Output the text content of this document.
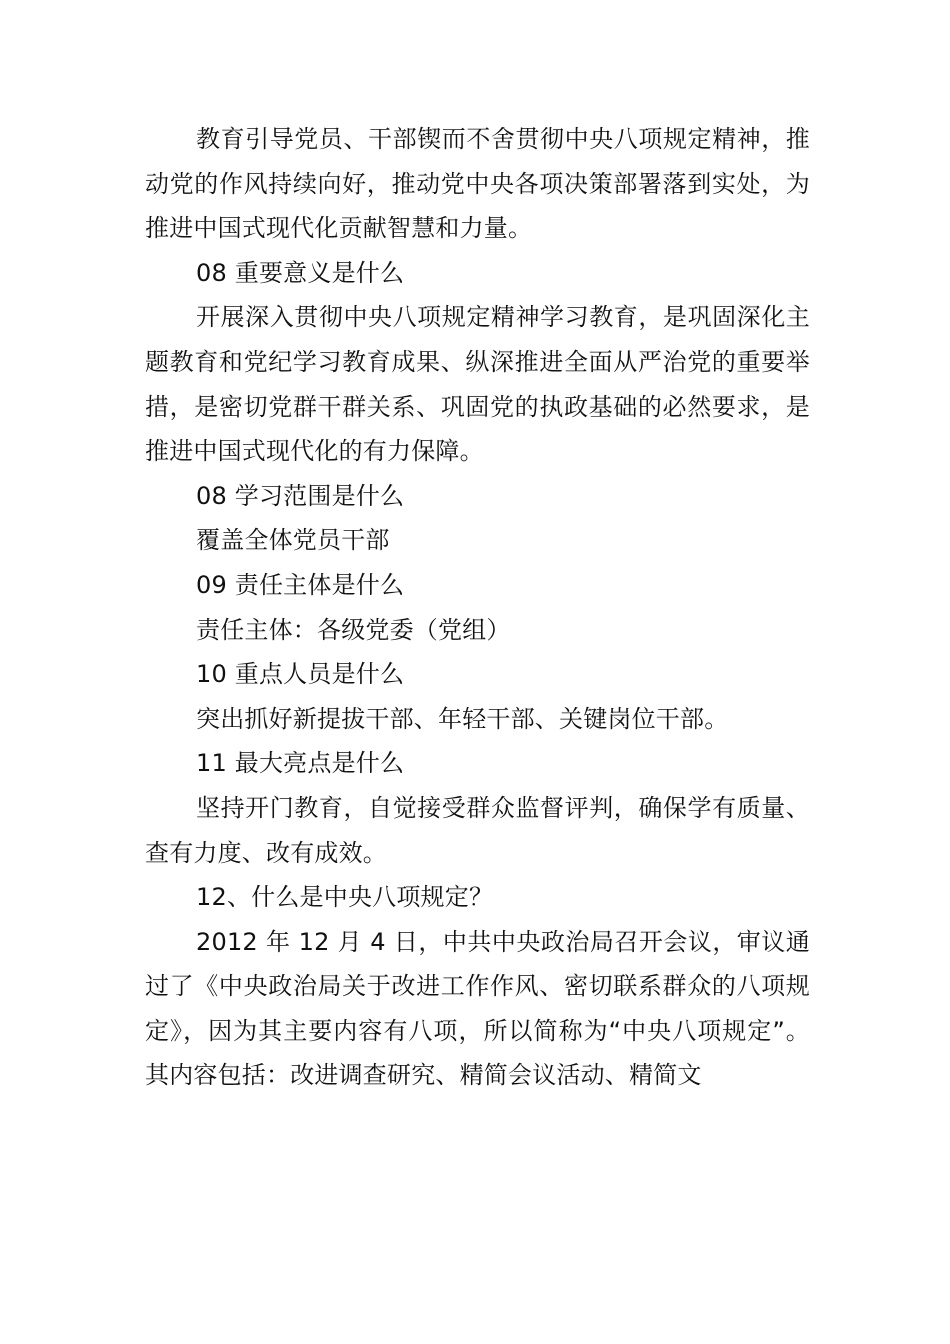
教育引导党员、干部锲而不舍贯彻中央八项规定精神，推动党的作风持续向好，推动党中央各项决策部署落到实处，为推进中国式现代化贡献智慧和力量。

08 重要意义是什么

开展深入贯彻中央八项规定精神学习教育，是巩固深化主题教育和党纪学习教育成果、纵深推进全面从严治党的重要举措，是密切党群干群关系、巩固党的执政基础的必然要求，是推进中国式现代化的有力保障。

08 学习范围是什么

覆盖全体党员干部

09 责任主体是什么

责任主体：各级党委（党组）

10 重点人员是什么

突出抓好新提拔干部、年轻干部、关键岗位干部。

11 最大亮点是什么

坚持开门教育，自觉接受群众监督评判，确保学有质量、查有力度、改有成效。

12、什么是中央八项规定？

2012 年 12 月 4 日，中共中央政治局召开会议，审议通过了《中央政治局关于改进工作作风、密切联系群众的八项规定》，因为其主要内容有八项，所以简称为“中央八项规定”。其内容包括：改进调查研究、精简会议活动、精简文
